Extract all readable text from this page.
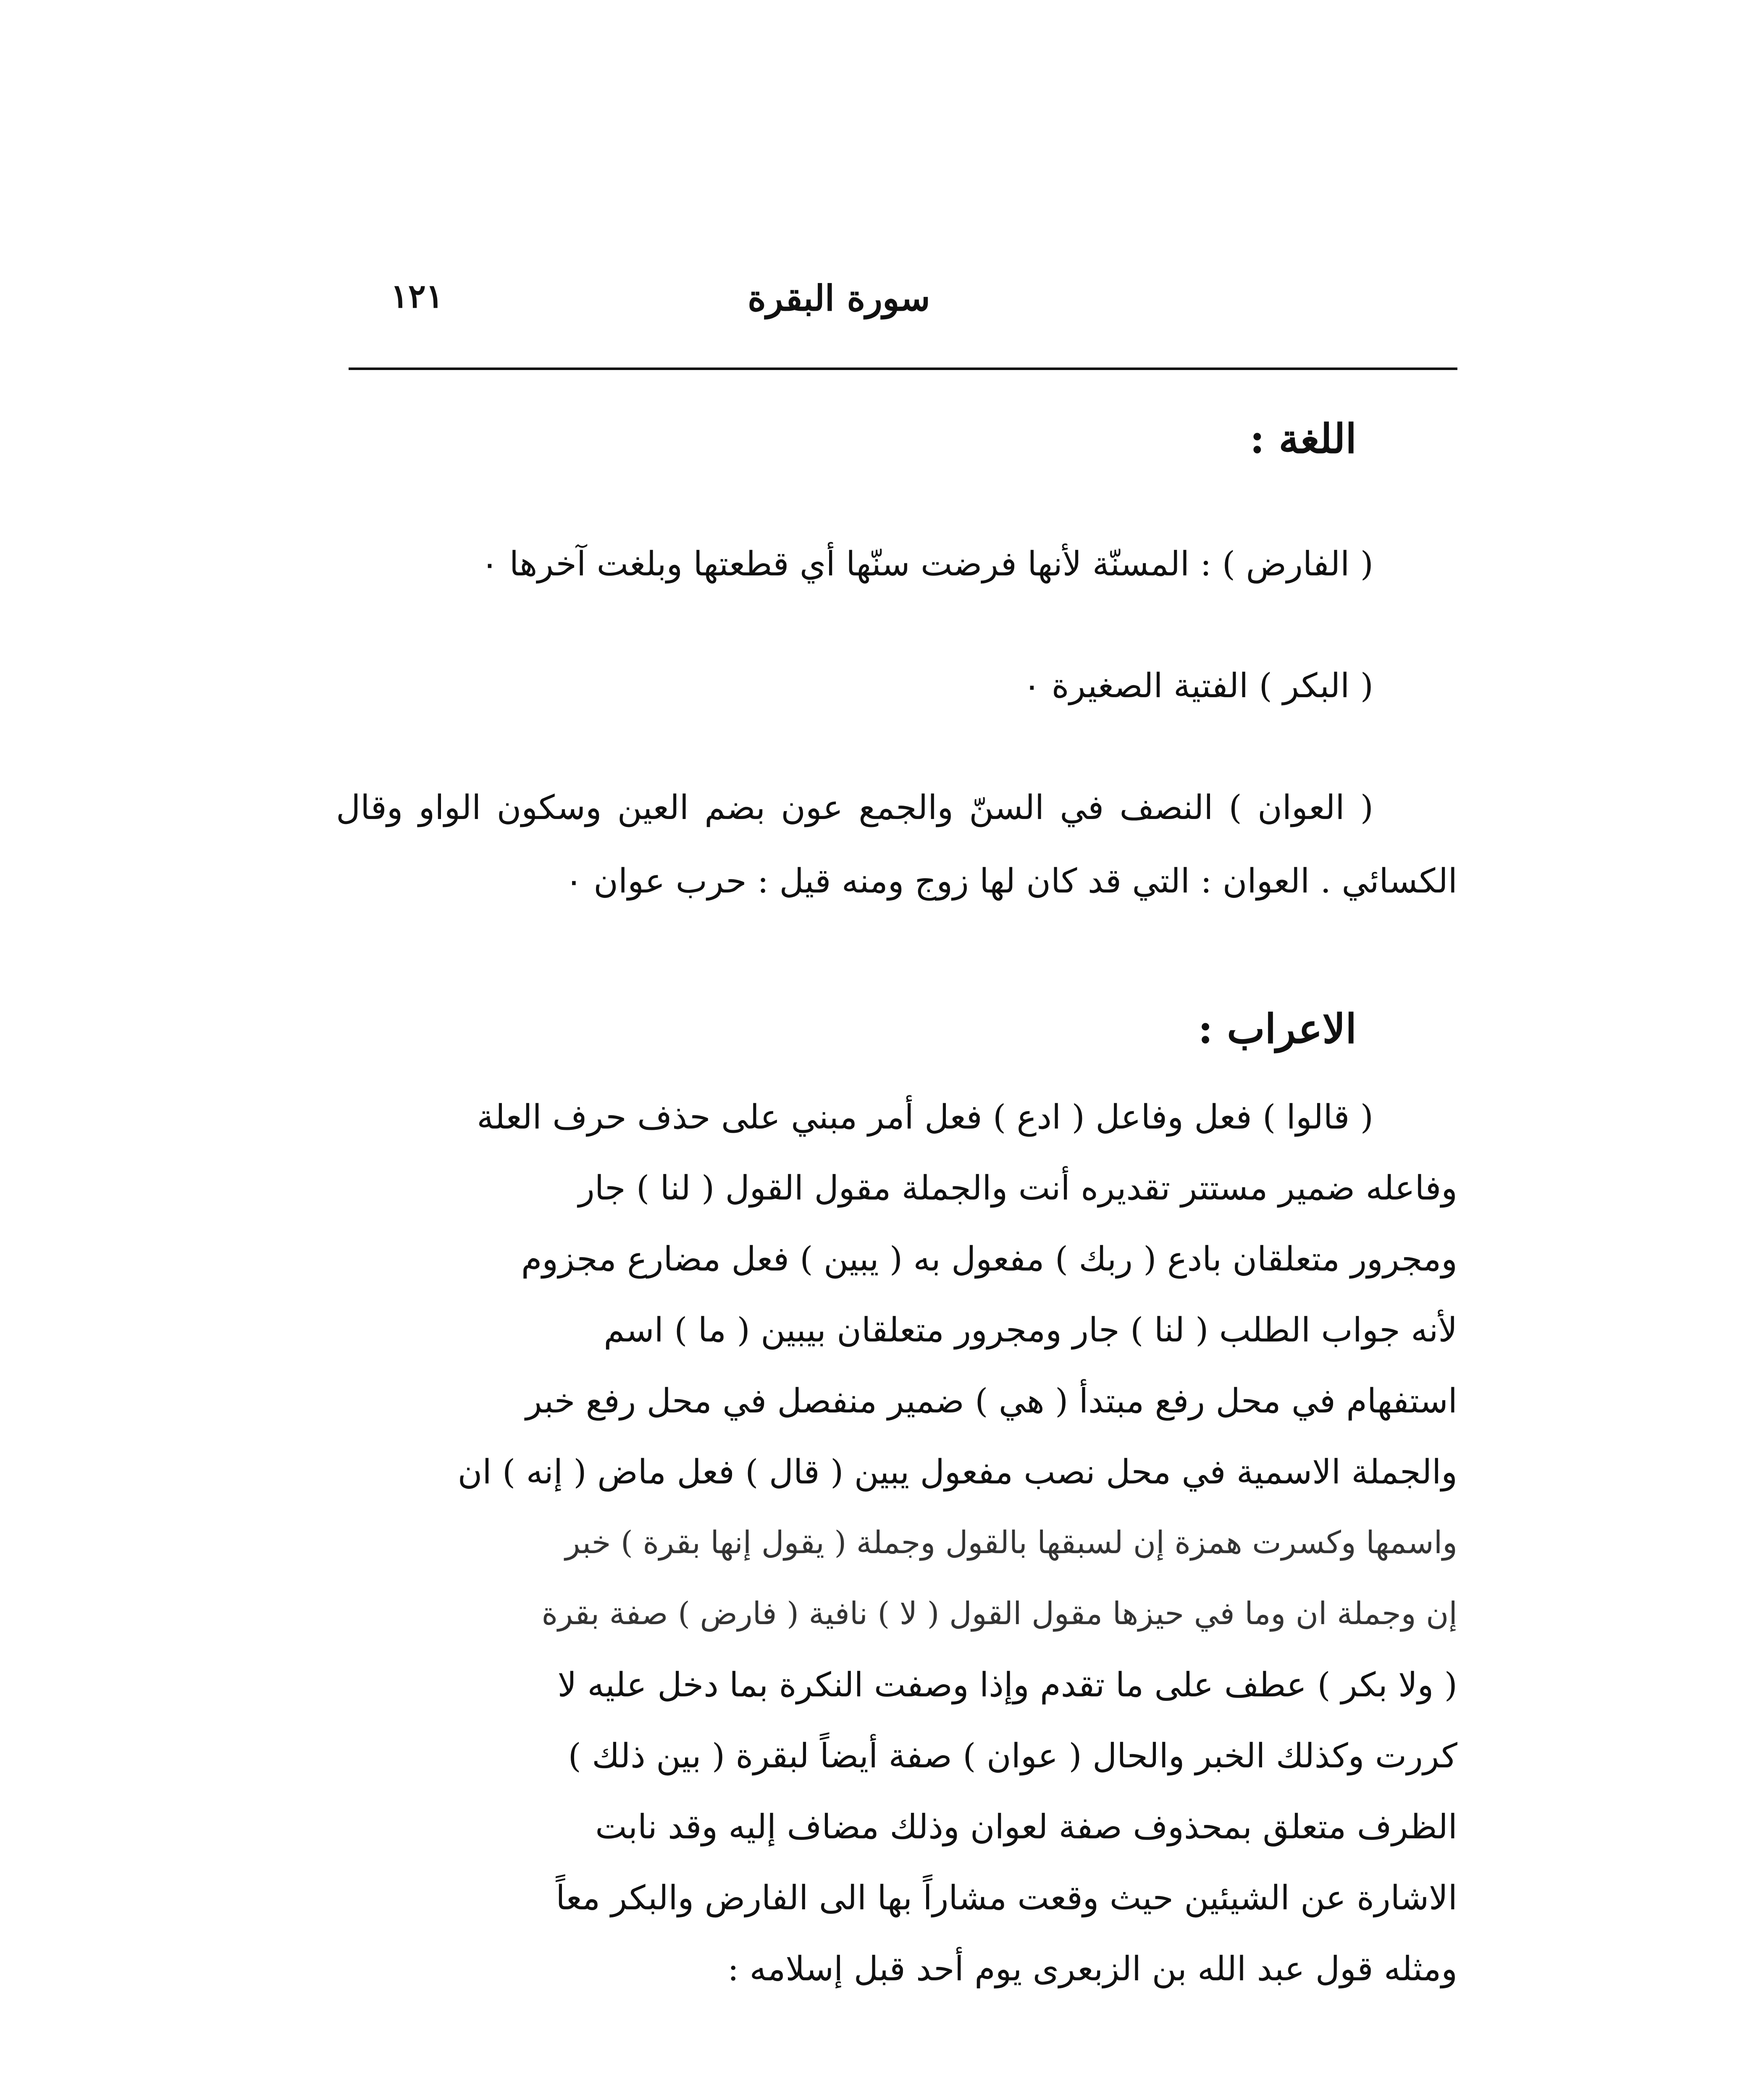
١٢١	سورة البقرة
اللغة :

( الفارض ) : المسنّة لأنها فرضت سنّها أي قطعتها وبلغت آخرها ٠

( البكر ) الفتية الصغيرة ٠

( العوان ) النصف في السنّ والجمع عون بضم العين وسكون الواو وقال الكسائي . العوان : التي قد كان لها زوج ومنه قيل : حرب عوان ٠

الاعراب :
( قالوا ) فعل وفاعل ( ادع ) فعل أمر مبني على حذف حرف العلة
وفاعله ضمير مستتر تقديره أنت والجملة مقول القول ( لنا ) جار
ومجرور متعلقان بادع ( ربك ) مفعول به ( يبين ) فعل مضارع مجزوم
لأنه جواب الطلب ( لنا ) جار ومجرور متعلقان بيبين ( ما ) اسم
استفهام في محل رفع مبتدأ ( هي ) ضمير منفصل في محل رفع خبر
والجملة الاسمية في محل نصب مفعول يبين ( قال ) فعل ماض ( إنه ) ان
واسمها وكسرت همزة إن لسبقها بالقول وجملة ( يقول إنها بقرة ) خبر
إن وجملة ان وما في حيزها مقول القول ( لا ) نافية ( فارض ) صفة بقرة
( ولا بكر ) عطف على ما تقدم وإذا وصفت النكرة بما دخل عليه لا
كررت وكذلك الخبر والحال ( عوان ) صفة أيضاً لبقرة ( بين ذلك )
الظرف متعلق بمحذوف صفة لعوان وذلك مضاف إليه وقد نابت
الاشارة عن الشيئين حيث وقعت مشاراً بها الى الفارض والبكر معاً
ومثله قول عبد الله بن الزبعرى يوم أحد قبل إسلامه :
